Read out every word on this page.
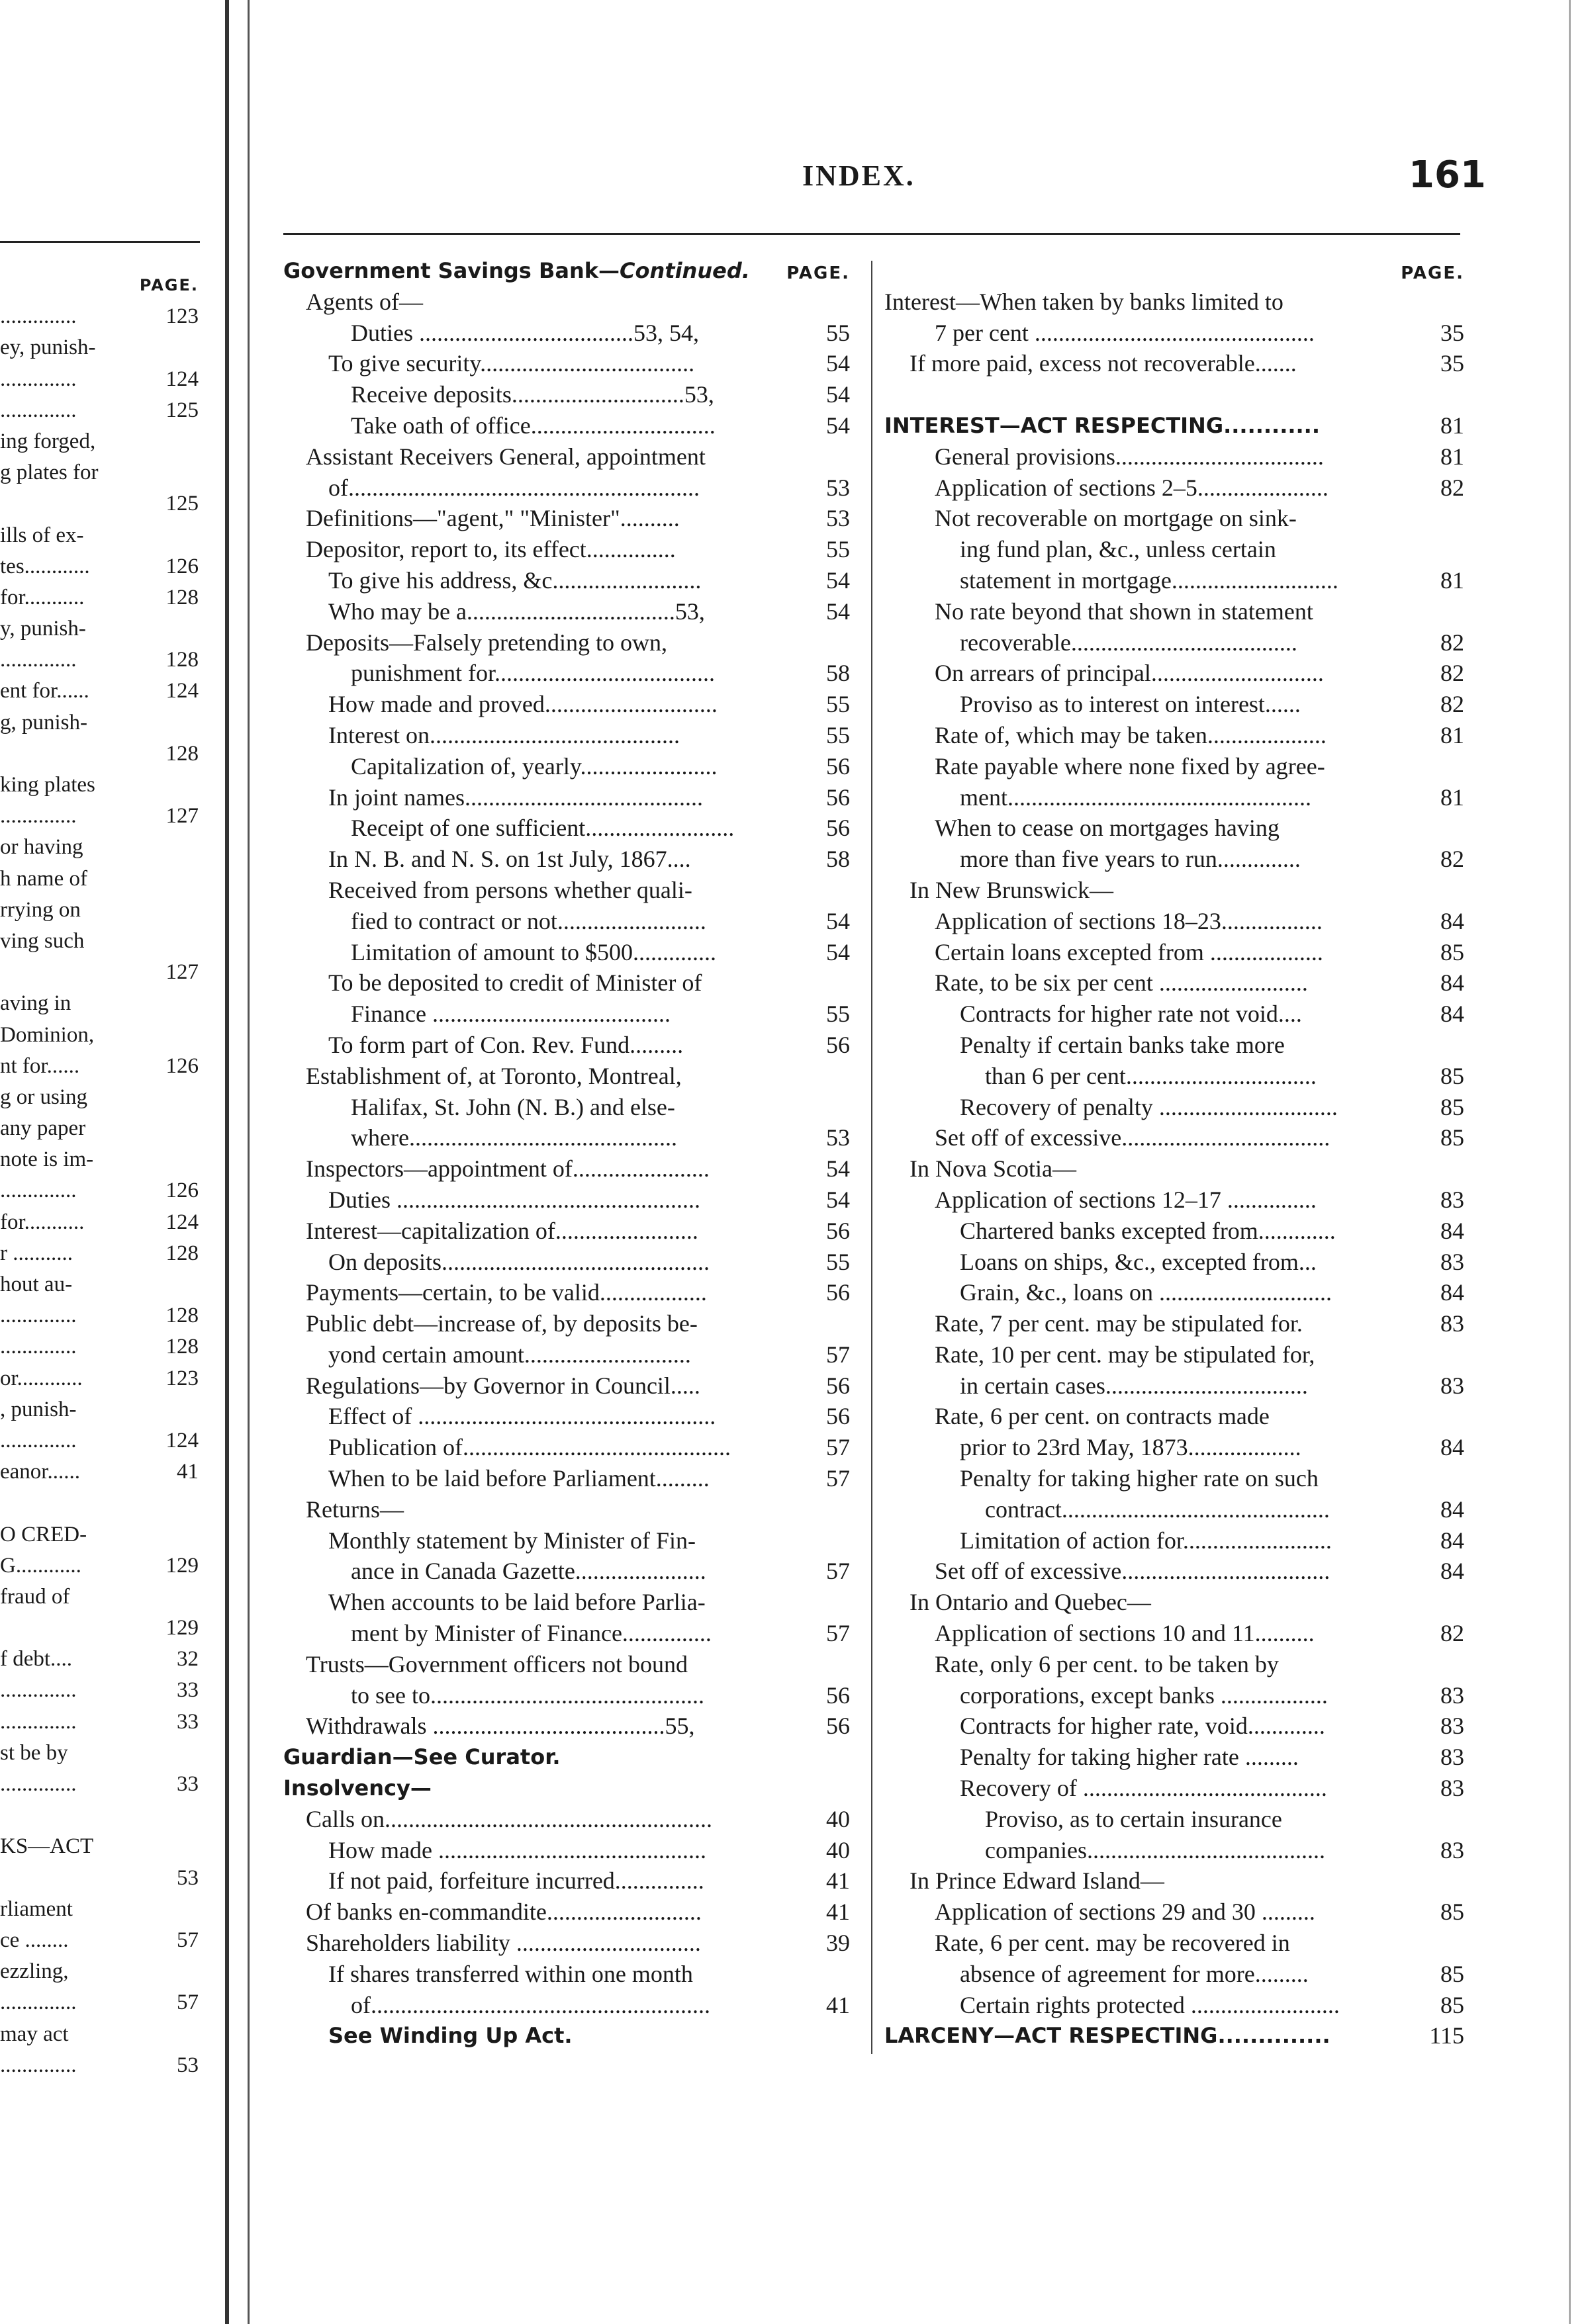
PAGE.
..............	123
ey, punish-
..............	124
..............	125
ing forged,
g plates for
125
ills of ex-
tes............	126
for...........	128
y, punish-
..............	128
ent for......	124
g, punish-
128
king plates
..............	127
or having
h name of
rrying on
ving such
127
aving in
Dominion,
nt for......	126
g or using
any paper
note is im-
..............	126
for...........	124
r ...........	128
hout au-
..............	128
..............	128
or............	123
, punish-
..............	124
eanor......	41
O CRED-
G............	129
fraud of
129
f debt....	32
..............	33
..............	33
st be by
..............	33
KS—ACT
53
rliament
ce ........	57
ezzling,
..............	57
may act
..............	53
INDEX.	161
Government Savings Bank—Continued. PAGE.
Agents of—
Duties ....................................53, 54,	55
To give security....................................	54
Receive deposits.............................53,	54
Take oath of office...............................	54
Assistant Receivers General, appointment
of...........................................................	53
Definitions—"agent," "Minister"..........	53
Depositor, report to, its effect...............	55
To give his address, &c.........................	54
Who may be a...................................53,	54
Deposits—Falsely pretending to own,
punishment for.....................................	58
How made and proved.............................	55
Interest on..........................................	55
Capitalization of, yearly.......................	56
In joint names........................................	56
Receipt of one sufficient.........................	56
In N. B. and N. S. on 1st July, 1867....	58
Received from persons whether quali-
fied to contract or not.........................	54
Limitation of amount to $500..............	54
To be deposited to credit of Minister of
Finance ........................................	55
To form part of Con. Rev. Fund.........	56
Establishment of, at Toronto, Montreal,
Halifax, St. John (N. B.) and else-
where.............................................	53
Inspectors—appointment of.......................	54
Duties ...................................................	54
Interest—capitalization of........................	56
On deposits.............................................	55
Payments—certain, to be valid..................	56
Public debt—increase of, by deposits be-
yond certain amount............................	57
Regulations—by Governor in Council.....	56
Effect of ..................................................	56
Publication of.............................................	57
When to be laid before Parliament.........	57
Returns—
Monthly statement by Minister of Fin-
ance in Canada Gazette......................	57
When accounts to be laid before Parlia-
ment by Minister of Finance...............	57
Trusts—Government officers not bound
to see to..............................................	56
Withdrawals .......................................55,	56
Guardian—See Curator.
Insolvency—
Calls on.......................................................	40
How made .............................................	40
If not paid, forfeiture incurred...............	41
Of banks en-commandite..........................	41
Shareholders liability ...............................	39
If shares transferred within one month
of.........................................................	41
See Winding Up Act.
PAGE.
Interest—When taken by banks limited to
7 per cent ...............................................	35
If more paid, excess not recoverable.......	35
INTEREST—ACT RESPECTING............	81
General provisions...................................	81
Application of sections 2–5......................	82
Not recoverable on mortgage on sink-
ing fund plan, &c., unless certain
statement in mortgage............................	81
No rate beyond that shown in statement
recoverable......................................	82
On arrears of principal.............................	82
Proviso as to interest on interest......	82
Rate of, which may be taken....................	81
Rate payable where none fixed by agree-
ment...................................................	81
When to cease on mortgages having
more than five years to run..............	82
In New Brunswick—
Application of sections 18–23.................	84
Certain loans excepted from ...................	85
Rate, to be six per cent .........................	84
Contracts for higher rate not void....	84
Penalty if certain banks take more
than 6 per cent................................	85
Recovery of penalty ..............................	85
Set off of excessive...................................	85
In Nova Scotia—
Application of sections 12–17 ...............	83
Chartered banks excepted from.............	84
Loans on ships, &c., excepted from...	83
Grain, &c., loans on .............................	84
Rate, 7 per cent. may be stipulated for.	83
Rate, 10 per cent. may be stipulated for,
in certain cases..................................	83
Rate, 6 per cent. on contracts made
prior to 23rd May, 1873...................	84
Penalty for taking higher rate on such
contract.............................................	84
Limitation of action for.........................	84
Set off of excessive...................................	84
In Ontario and Quebec—
Application of sections 10 and 11..........	82
Rate, only 6 per cent. to be taken by
corporations, except banks ..................	83
Contracts for higher rate, void.............	83
Penalty for taking higher rate .........	83
Recovery of .........................................	83
Proviso, as to certain insurance
companies........................................	83
In Prince Edward Island—
Application of sections 29 and 30 .........	85
Rate, 6 per cent. may be recovered in
absence of agreement for more.........	85
Certain rights protected .........................	85
LARCENY—ACT RESPECTING..............	115
